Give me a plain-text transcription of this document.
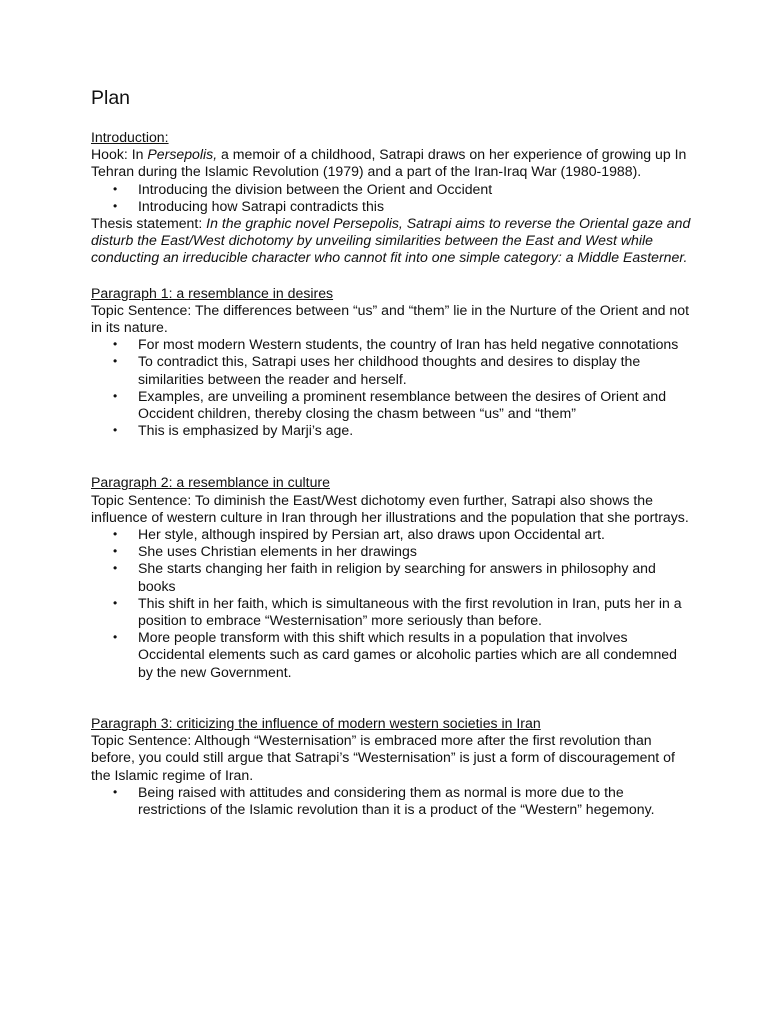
Plan

Introduction:

Hook: In Persepolis, a memoir of a childhood, Satrapi draws on her experience of growing up In Tehran during the Islamic Revolution (1979) and a part of the Iran-Iraq War (1980-1988).

• Introducing the division between the Orient and Occident
• Introducing how Satrapi contradicts this

Thesis statement: In the graphic novel Persepolis, Satrapi aims to reverse the Oriental gaze and disturb the East/West dichotomy by unveiling similarities between the East and West while conducting an irreducible character who cannot fit into one simple category: a Middle Easterner.

Paragraph 1: a resemblance in desires

Topic Sentence: The differences between “us” and “them” lie in the Nurture of the Orient and not in its nature.

• For most modern Western students, the country of Iran has held negative connotations
• To contradict this, Satrapi uses her childhood thoughts and desires to display the similarities between the reader and herself.
• Examples, are unveiling a prominent resemblance between the desires of Orient and Occident children, thereby closing the chasm between “us” and “them”
• This is emphasized by Marji’s age.

Paragraph 2: a resemblance in culture

Topic Sentence: To diminish the East/West dichotomy even further, Satrapi also shows the influence of western culture in Iran through her illustrations and the population that she portrays.

• Her style, although inspired by Persian art, also draws upon Occidental art.
• She uses Christian elements in her drawings
• She starts changing her faith in religion by searching for answers in philosophy and books
• This shift in her faith, which is simultaneous with the first revolution in Iran, puts her in a position to embrace “Westernisation” more seriously than before.
• More people transform with this shift which results in a population that involves Occidental elements such as card games or alcoholic parties which are all condemned by the new Government.

Paragraph 3: criticizing the influence of modern western societies in Iran

Topic Sentence: Although “Westernisation” is embraced more after the first revolution than before, you could still argue that Satrapi’s “Westernisation” is just a form of discouragement of the Islamic regime of Iran.

• Being raised with attitudes and considering them as normal is more due to the restrictions of the Islamic revolution than it is a product of the “Western” hegemony.
